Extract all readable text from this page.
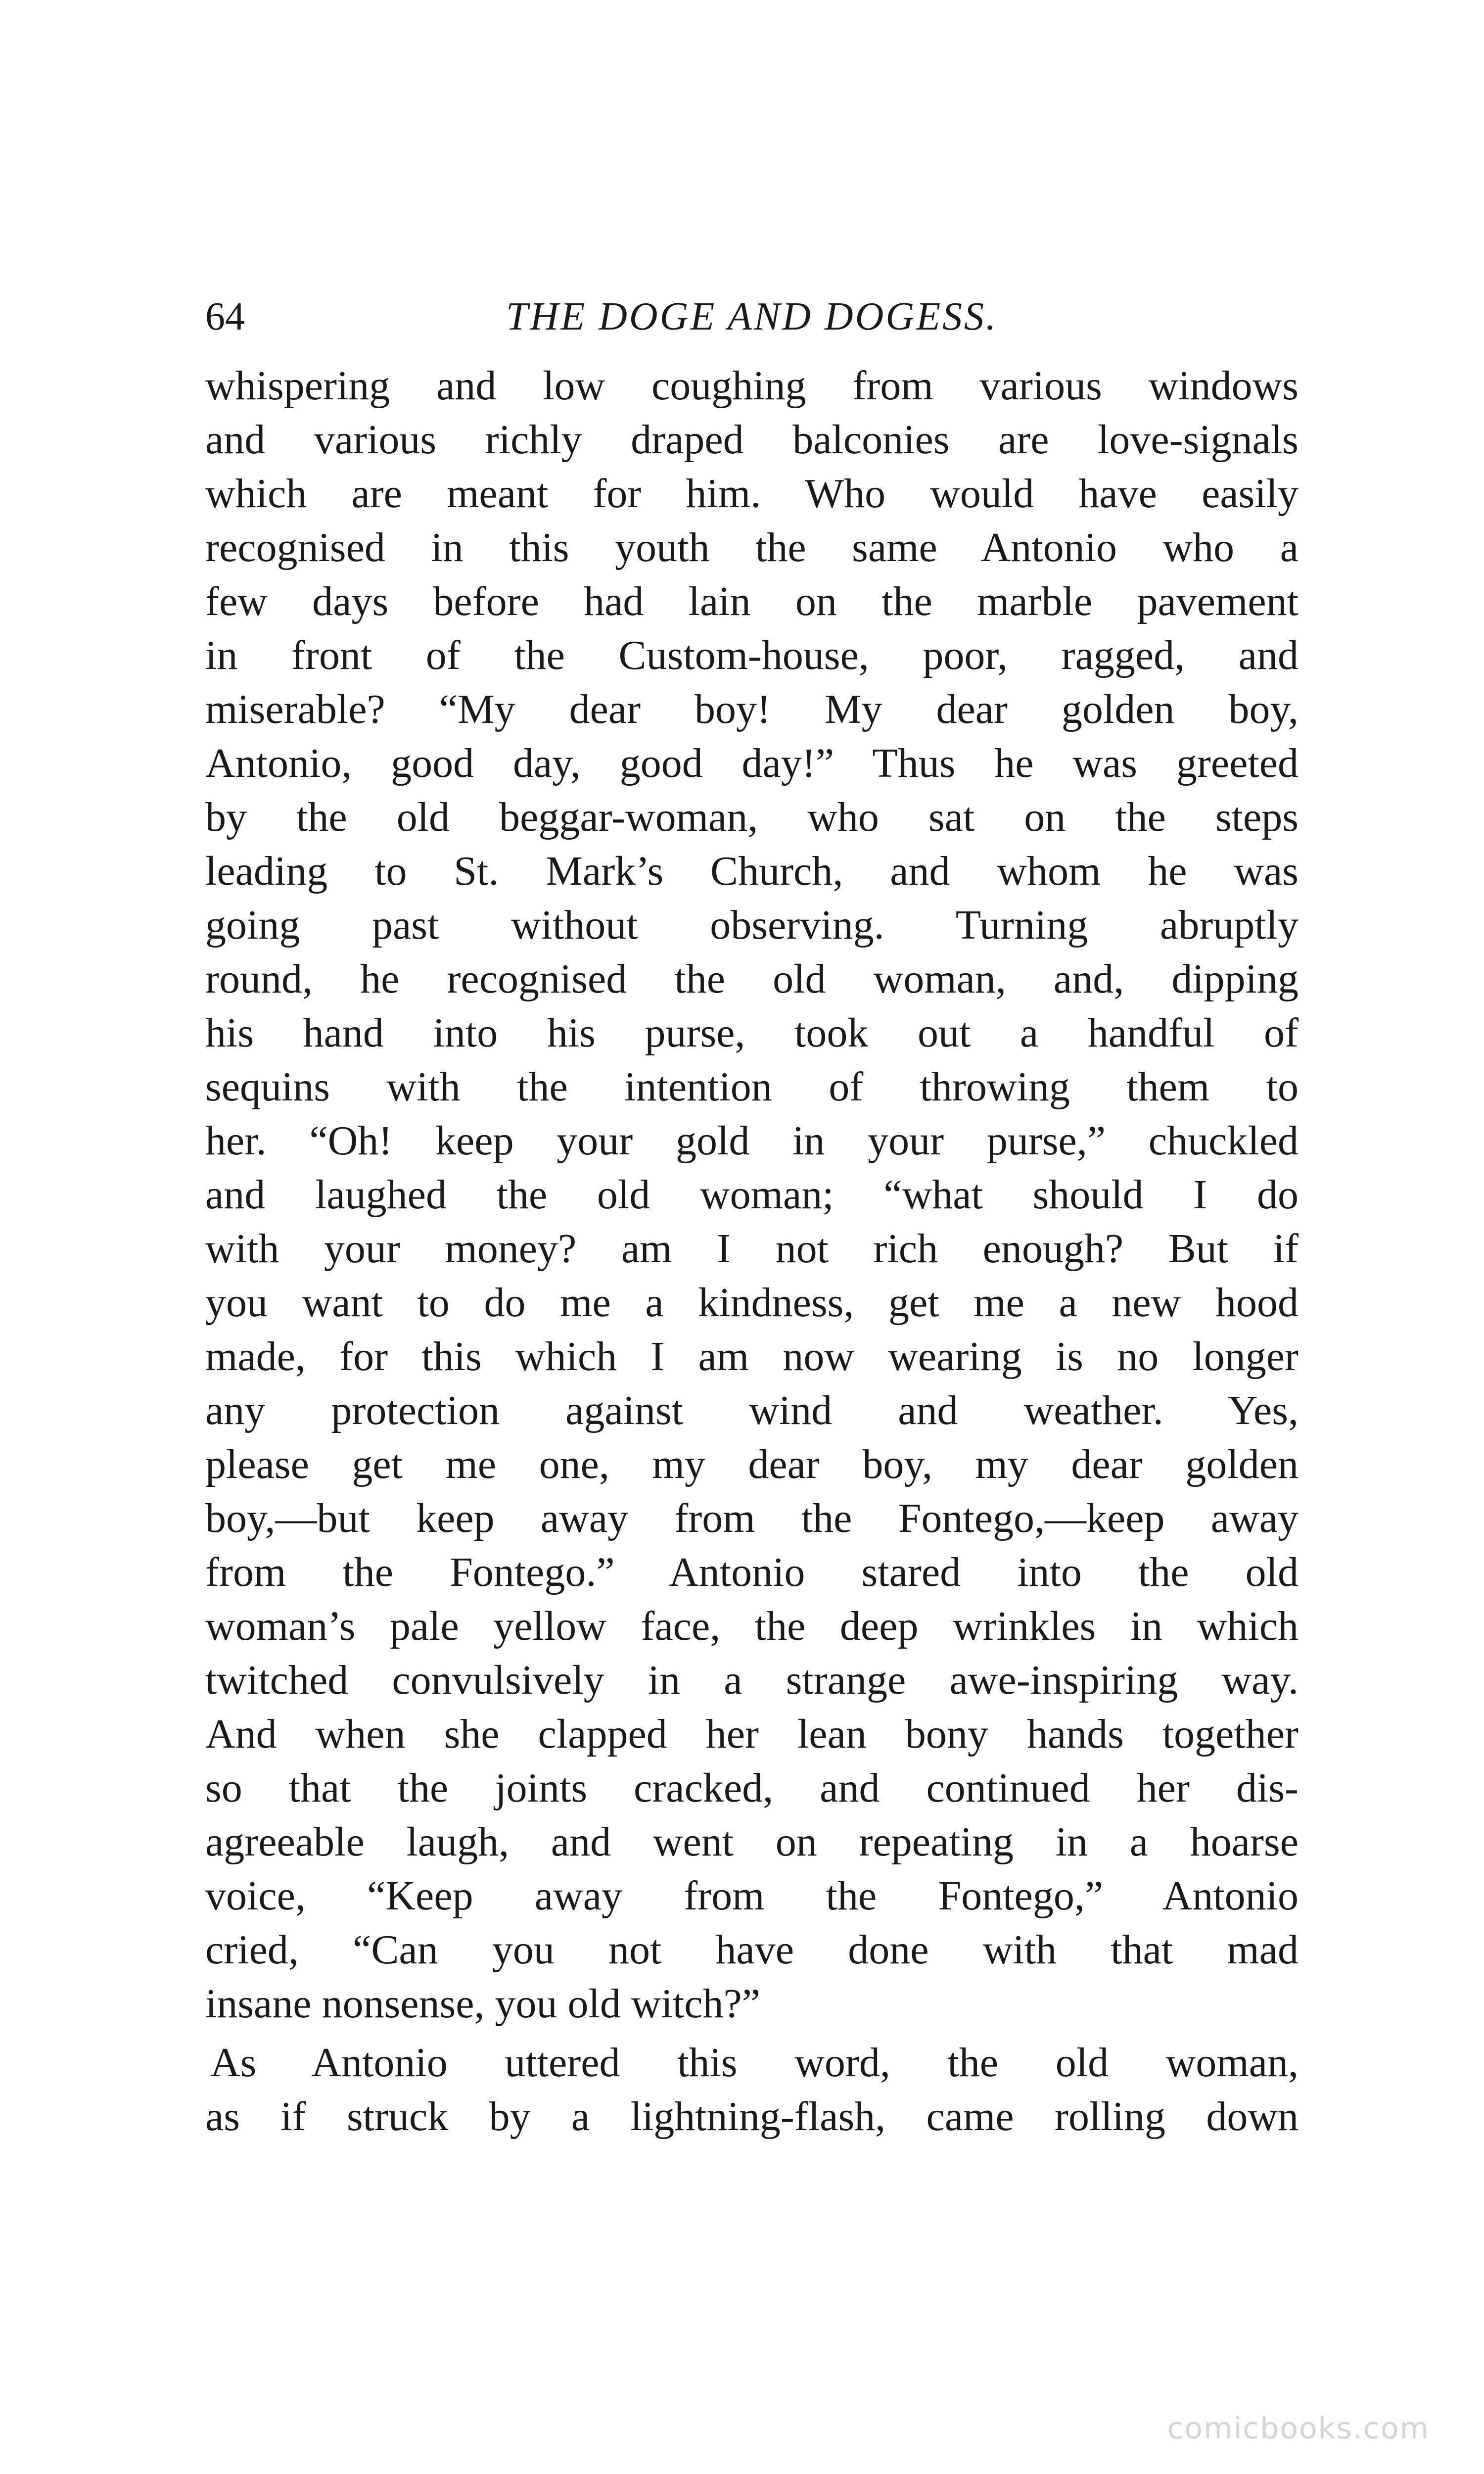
64	THE DOGE AND DOGESS.
whispering and low coughing from various windows
and various richly draped balconies are love-signals
which are meant for him. Who would have easily
recognised in this youth the same Antonio who a
few days before had lain on the marble pavement
in front of the Custom-house, poor, ragged, and
miserable? “My dear boy! My dear golden boy,
Antonio, good day, good day!” Thus he was greeted
by the old beggar-woman, who sat on the steps
leading to St. Mark’s Church, and whom he was
going past without observing. Turning abruptly
round, he recognised the old woman, and, dipping
his hand into his purse, took out a handful of
sequins with the intention of throwing them to
her. “Oh! keep your gold in your purse,” chuckled
and laughed the old woman; “what should I do
with your money? am I not rich enough? But if
you want to do me a kindness, get me a new hood
made, for this which I am now wearing is no longer
any protection against wind and weather. Yes,
please get me one, my dear boy, my dear golden
boy,—but keep away from the Fontego,—keep away
from the Fontego.” Antonio stared into the old
woman’s pale yellow face, the deep wrinkles in which
twitched convulsively in a strange awe-inspiring way.
And when she clapped her lean bony hands together
so that the joints cracked, and continued her dis-
agreeable laugh, and went on repeating in a hoarse
voice, “Keep away from the Fontego,” Antonio
cried, “Can you not have done with that mad
insane nonsense, you old witch?”
As Antonio uttered this word, the old woman,
as if struck by a lightning-flash, came rolling down
comicbooks.com
